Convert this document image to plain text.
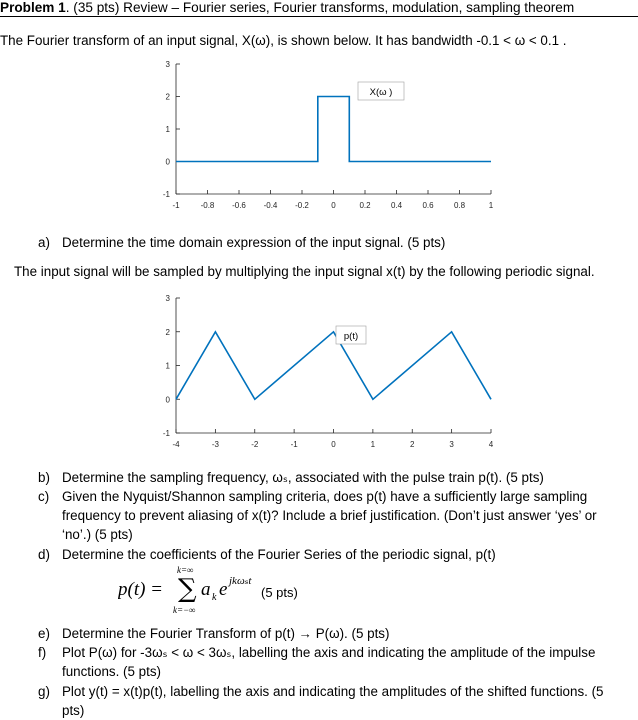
Problem 1. (35 pts) Review – Fourier series, Fourier transforms, modulation, sampling theorem
The Fourier transform of an input signal, X(ω), is shown below. It has bandwidth -0.1 < ω < 0.1 .
3
2
1
0
-1
-1	-0.8 -0.6 -0.4 -0.2	0	0.2	0.4	0.6	0.8	1
X(ω )
a) Determine the time domain expression of the input signal. (5 pts)
The input signal will be sampled by multiplying the input signal x(t) by the following periodic signal.
3
2
1
0
-1
-4	-3	-2	-1	0	1	2	3	4
p(t)
b) Determine the sampling frequency, ωₛ, associated with the pulse train p(t). (5 pts)
c) Given the Nyquist/Shannon sampling criteria, does p(t) have a sufficiently large sampling
frequency to prevent aliasing of x(t)? Include a brief justification. (Don’t just answer ‘yes’ or
‘no’.) (5 pts)
d) Determine the coefficients of the Fourier Series of the periodic signal, p(t)
p(t) = ∑
k=∞
k=−∞
a k e jkωₛt
(5 pts)
e) Determine the Fourier Transform of p(t) → P(ω). (5 pts)
f) Plot P(ω) for -3ωₛ < ω < 3ωₛ, labelling the axis and indicating the amplitude of the impulse
functions. (5 pts)
g) Plot y(t) = x(t)p(t), labelling the axis and indicating the amplitudes of the shifted functions. (5
pts)
